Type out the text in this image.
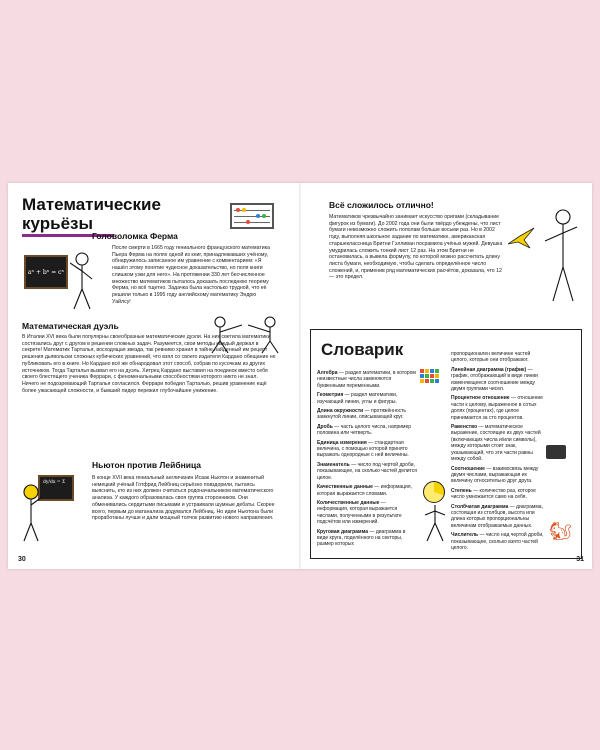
Математические
курьёзы
Головоломка Ферма
После смерти в 1665 году гениального французского математика Пьера Ферма на полях одной из книг, принадлежавших учёному, обнаружилось записанное им уравнение с комментарием: «Я нашёл этому понятие чудесное доказательство, но поля книги слишком узки для него». На протяжении 330 лет бесчисленное множество математиков пыталось доказать последнюю теорему Ферма, но всё тщетно. Задачка была настолько трудной, что её решили только в 1995 году английскому математику Эндрю Уайлсу!
aⁿ + bⁿ = cⁿ
Математическая дуэль
В Италии XVI века были популярны своеобразные математические дуэли. На них светила математики состязались друг с другом в решении сложных задач. Разумеется, свои методы каждый держал в секрете! Математик Тарталья, восходящая звезда, так ревниво хранил в тайне найденный им рецепт решения дьявольски сложных кубических уравнений, что взял со своего издателя Кардано обещание не публиковать его в книге. Но Кардано всё же обнародовал этот способ, собрав по кусочкам из других источников. Тогда Тарталья вызвал его на дуэль. Хитрец Кардано выставил на поединок вместо себя своего блестящего ученика Феррари, с феноменальными способностями которого никто не знал. Ничего не подозревающий Тарталья согласился. Феррари победил Тарталью, решив уравнение ещё более ужасающей сложности, и бывший лидер пережил глубочайшее унижение.
Ньютон против Лейбница
dy/dx = Σ
В конце XVII века гениальный англичанин Исаак Ньютон и знаменитый немецкий учёный Готфрид Лейбниц серьёзно повздорили, пытаясь выяснить, кто из них должен считаться родоначальником математического анализа. У каждого образовалась своя группа сторонников. Они обменивались сердитыми письмами и устраивали шумные дебаты. Скорее всего, первым до матанализа додумался Лейбниц. Но идеи Ньютона были проработаны лучше и дали мощный толчок развитию нового направления.
30
Всё сложилось отлично!
Математиков чрезвычайно занимает искусство оригами (складывание фигурок из бумаги). До 2002 года они были твёрдо убеждены, что лист бумаги невозможно сложить пополам больше восьми раз. Но в 2002 году, выполняя школьное задание по математике, американская старшеклассница Бритни Гэлливан посрамила учёных мужей. Девушка умудрилась сложить тонкий лист 12 раз. На этом Бритни не остановилась, а вывела формулу, по которой можно рассчитать длину листа бумаги, необходимую, чтобы сделать определённое число сложений, и, применив ряд математических расчётов, доказала, что 12 — это предел.
Словарик
Алгебра — раздел математики, в котором неизвестные числа заменяются буквенными переменными.
Геометрия — раздел математики, изучающий линии, углы и фигуры.
Длина окружности — протяжённость замкнутой линии, описывающей круг.
Дробь — часть целого числа, например половина или четверть.
Единица измерения — стандартная величина, с помощью которой принято выражать однородные с ней величины.
Знаменатель — число под чертой дроби, показывающее, на сколько частей делится целое.
Качественные данные — информация, которая выражается словами.
Количественные данные — информация, которая выражается числами, полученными в результате подсчётов или измерений.
Круговая диаграмма — диаграмма в виде круга, поделённого на секторы, размер которых
пропорционален величине частей целого, которые они отображают.
Линейная диаграмма (график) — график, отображающий в виде линии изменяющееся соотношение между двумя группами чисел.
Процентное отношение — отношение части к целому, выраженное в сотых долях (процентах), где целое принимается за сто процентов.
Равенство — математическое выражение, состоящее из двух частей (включающих числа и/или символы), между которыми стоит знак, указывающий, что эти части равны между собой.
Соотношение — взаимосвязь между двумя числами, выражающая их величину относительно друг друга.
Степень — количество раз, которое число умножается само на себя.
Столбчатая диаграмма — диаграмма, состоящая из столбцов, высота или длина которых пропорциональны величинам отображаемых данных.
Числитель — число над чертой дроби, показывающее, сколько взято частей целого.
🐿
31
